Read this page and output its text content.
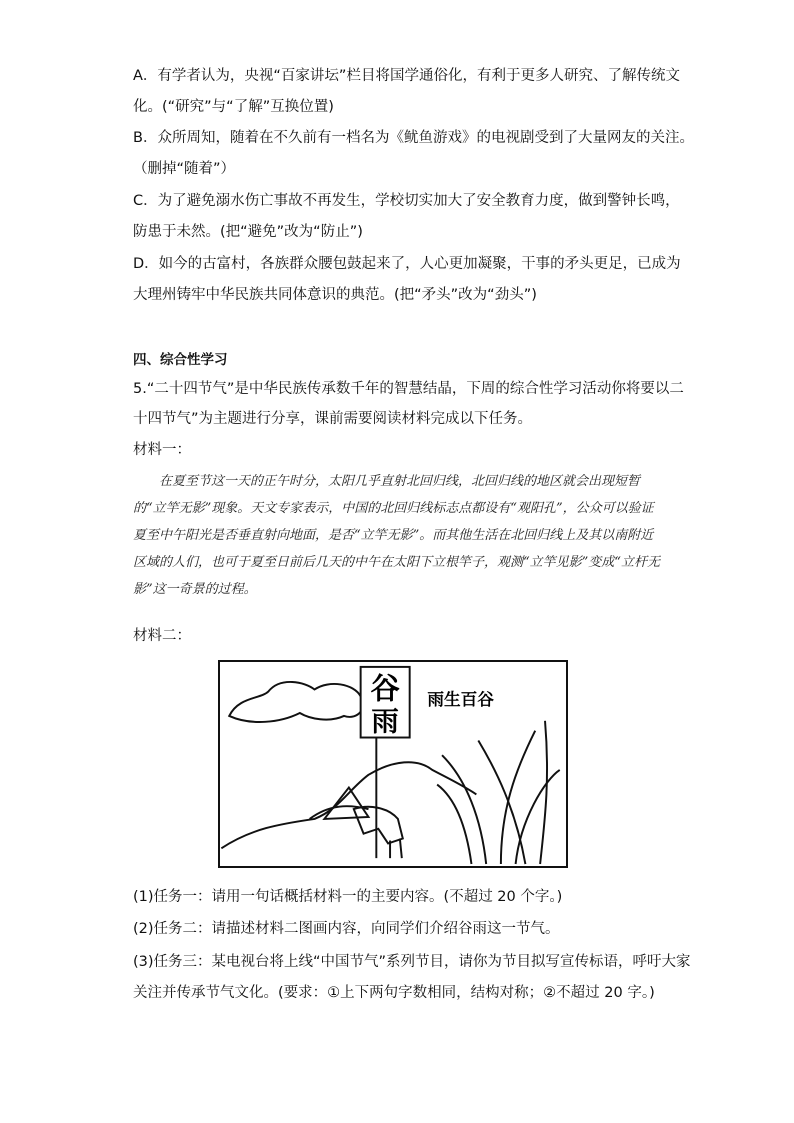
A．有学者认为，央视“百家讲坛”栏目将国学通俗化，有利于更多人研究、了解传统文
化。(“研究”与“了解”互换位置)
B．众所周知，随着在不久前有一档名为《鱿鱼游戏》的电视剧受到了大量网友的关注。
（删掉“随着”）
C．为了避免溺水伤亡事故不再发生，学校切实加大了安全教育力度，做到警钟长鸣，
防患于未然。(把“避免”改为“防止”)
D．如今的古富村，各族群众腰包鼓起来了，人心更加凝聚，干事的矛头更足，已成为
大理州铸牢中华民族共同体意识的典范。(把“矛头”改为“劲头”)
四、综合性学习
5.“二十四节气”是中华民族传承数千年的智慧结晶，下周的综合性学习活动你将要以二
十四节气”为主题进行分享，课前需要阅读材料完成以下任务。
材料一：

在夏至节这一天的正午时分，太阳几乎直射北回归线，北回归线的地区就会出现短暂的“立竿无影”现象。天文专家表示，中国的北回归线标志点都设有“观阳孔”，公众可以验证夏至中午阳光是否垂直射向地面，是否“立竿无影”。而其他生活在北回归线上及其以南附近区域的人们，也可于夏至日前后几天的中午在太阳下立根竿子，观测“立竿见影”变成“立杆无影”这一奇景的过程。

材料二：
谷
雨
雨生百谷
(1)任务一：请用一句话概括材料一的主要内容。(不超过 20 个字。)
(2)任务二：请描述材料二图画内容，向同学们介绍谷雨这一节气。
(3)任务三：某电视台将上线“中国节气”系列节目，请你为节目拟写宣传标语，呼吁大家
关注并传承节气文化。(要求：①上下两句字数相同，结构对称；②不超过 20 字。)
